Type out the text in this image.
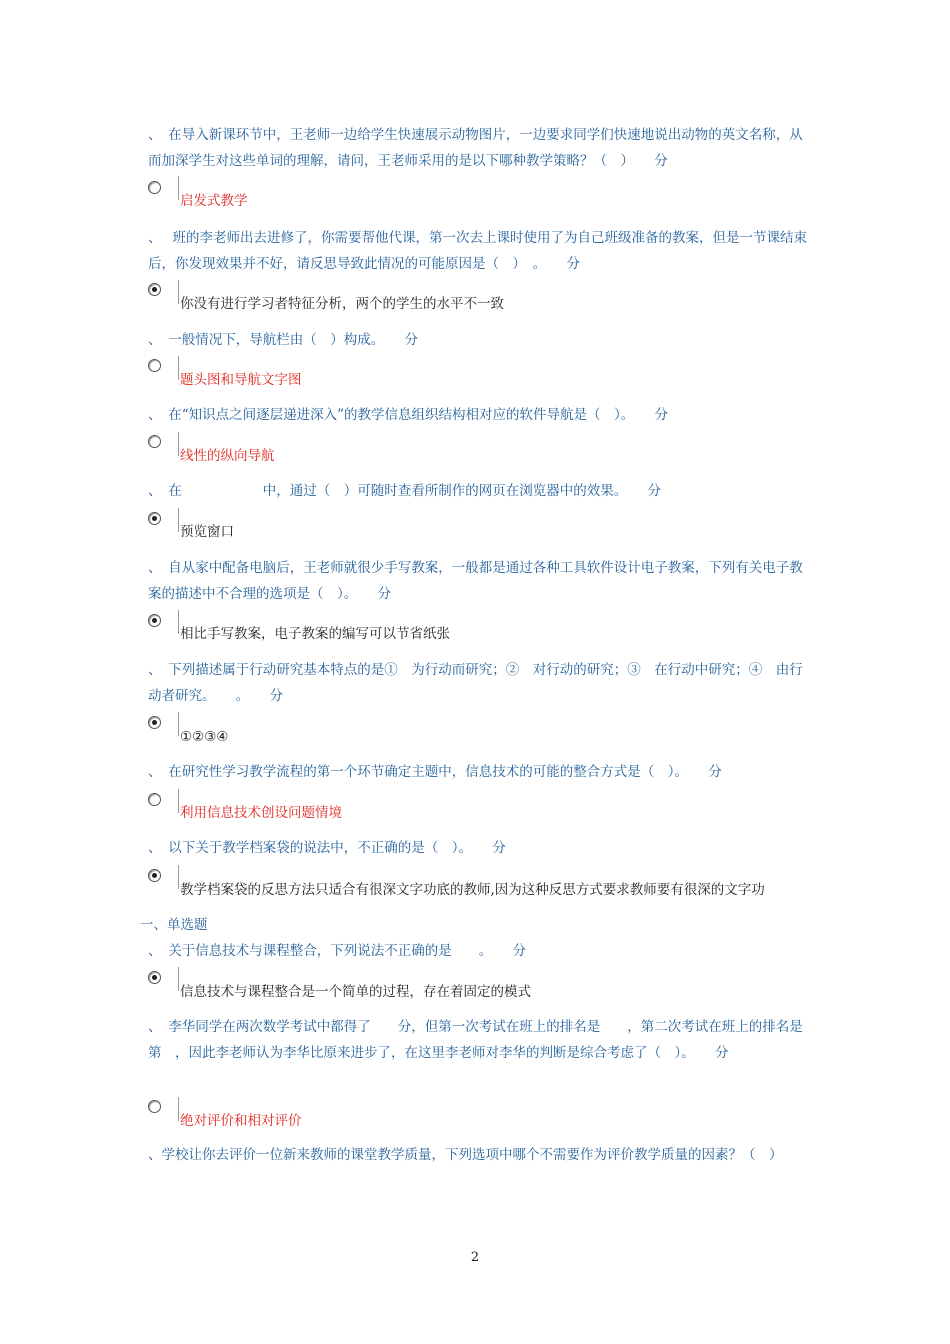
、　在导入新课环节中，王老师一边给学生快速展示动物图片，一边要求同学们快速地说出动物的英文名称，从而加深学生对这些单词的理解，请问，王老师采用的是以下哪种教学策略？（　）　　分

启发式教学

、　 班的李老师出去进修了，你需要帮他代课，第一次去上课时使用了为自己班级准备的教案，但是一节课结束后，你发现效果并不好，请反思导致此情况的可能原因是（　）　。　　分

你没有进行学习者特征分析，两个的学生的水平不一致

、　一般情况下，导航栏由（　）构成。　　分

题头图和导航文字图

、　在“知识点之间逐层递进深入”的教学信息组织结构相对应的软件导航是（　）。　　分

线性的纵向导航

、　在　　　　　　中，通过（　）可随时查看所制作的网页在浏览器中的效果。　　分

预览窗口

、　自从家中配备电脑后，王老师就很少手写教案，一般都是通过各种工具软件设计电子教案，下列有关电子教案的描述中不合理的选项是（　）。　　分

相比手写教案，电子教案的编写可以节省纸张

、　下列描述属于行动研究基本特点的是①　为行动而研究；②　对行动的研究；③　在行动中研究；④　由行动者研究。　　。　　分

①②③④

、　在研究性学习教学流程的第一个环节确定主题中，信息技术的可能的整合方式是（　）。　　分

利用信息技术创设问题情境

、　以下关于教学档案袋的说法中，不正确的是（　）。　　分

教学档案袋的反思方法只适合有很深文字功底的教师,因为这种反思方式要求教师要有很深的文字功
一、单选题

、　关于信息技术与课程整合，下列说法不正确的是　　。　　分

信息技术与课程整合是一个简单的过程，存在着固定的模式

、　李华同学在两次数学考试中都得了　　分，但第一次考试在班上的排名是　　，第二次考试在班上的排名是第　，因此李老师认为李华比原来进步了，在这里李老师对李华的判断是综合考虑了（　）。　　分

绝对评价和相对评价

、学校让你去评价一位新来教师的课堂教学质量，下列选项中哪个不需要作为评价教学质量的因素？（　）

2
